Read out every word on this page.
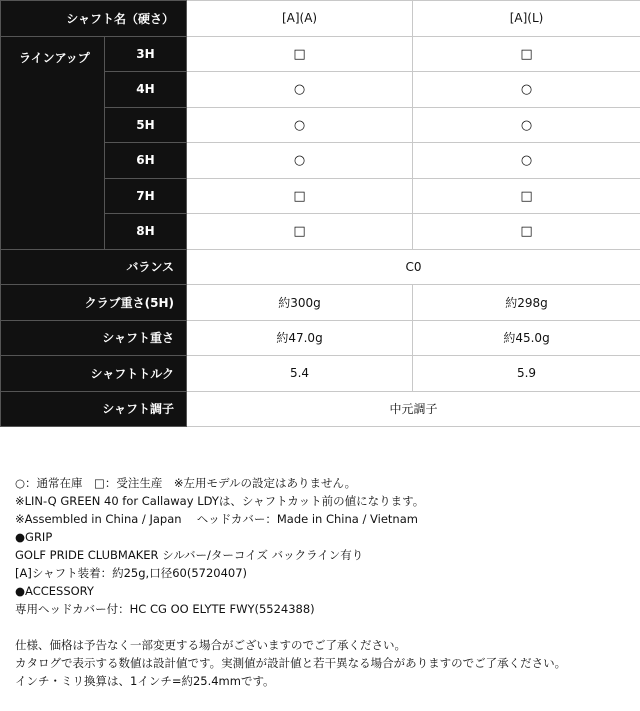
シャフト名（硬さ）		[A](A)	[A](L)
ラインアップ	3H	□	□
	4H	○	○
	5H	○	○
	6H	○	○
	7H	□	□
	8H	□	□
バランス		C0	
クラブ重さ(5H)		約300g	約298g
シャフト重さ		約47.0g	約45.0g
シャフトトルク		5.4	5.9
シャフト調子		中元調子	

○：通常在庫　□：受注生産　※左用モデルの設定はありません。

※LIN-Q GREEN 40 for Callaway LDYは、シャフトカット前の値になります。

※Assembled in China / Japan　 ヘッドカバー：Made in China / Vietnam

●GRIP

GOLF PRIDE CLUBMAKER シルバー/ターコイズ バックライン有り

[A]シャフト装着：約25g,口径60(5720407)

●ACCESSORY

専用ヘッドカバー付：HC CG OO ELYTE FWY(5524388)

仕様、価格は予告なく一部変更する場合がございますのでご了承ください。

カタログで表示する数値は設計値です。実測値が設計値と若干異なる場合がありますのでご了承ください。

インチ・ミリ換算は、1インチ=約25.4mmです。
